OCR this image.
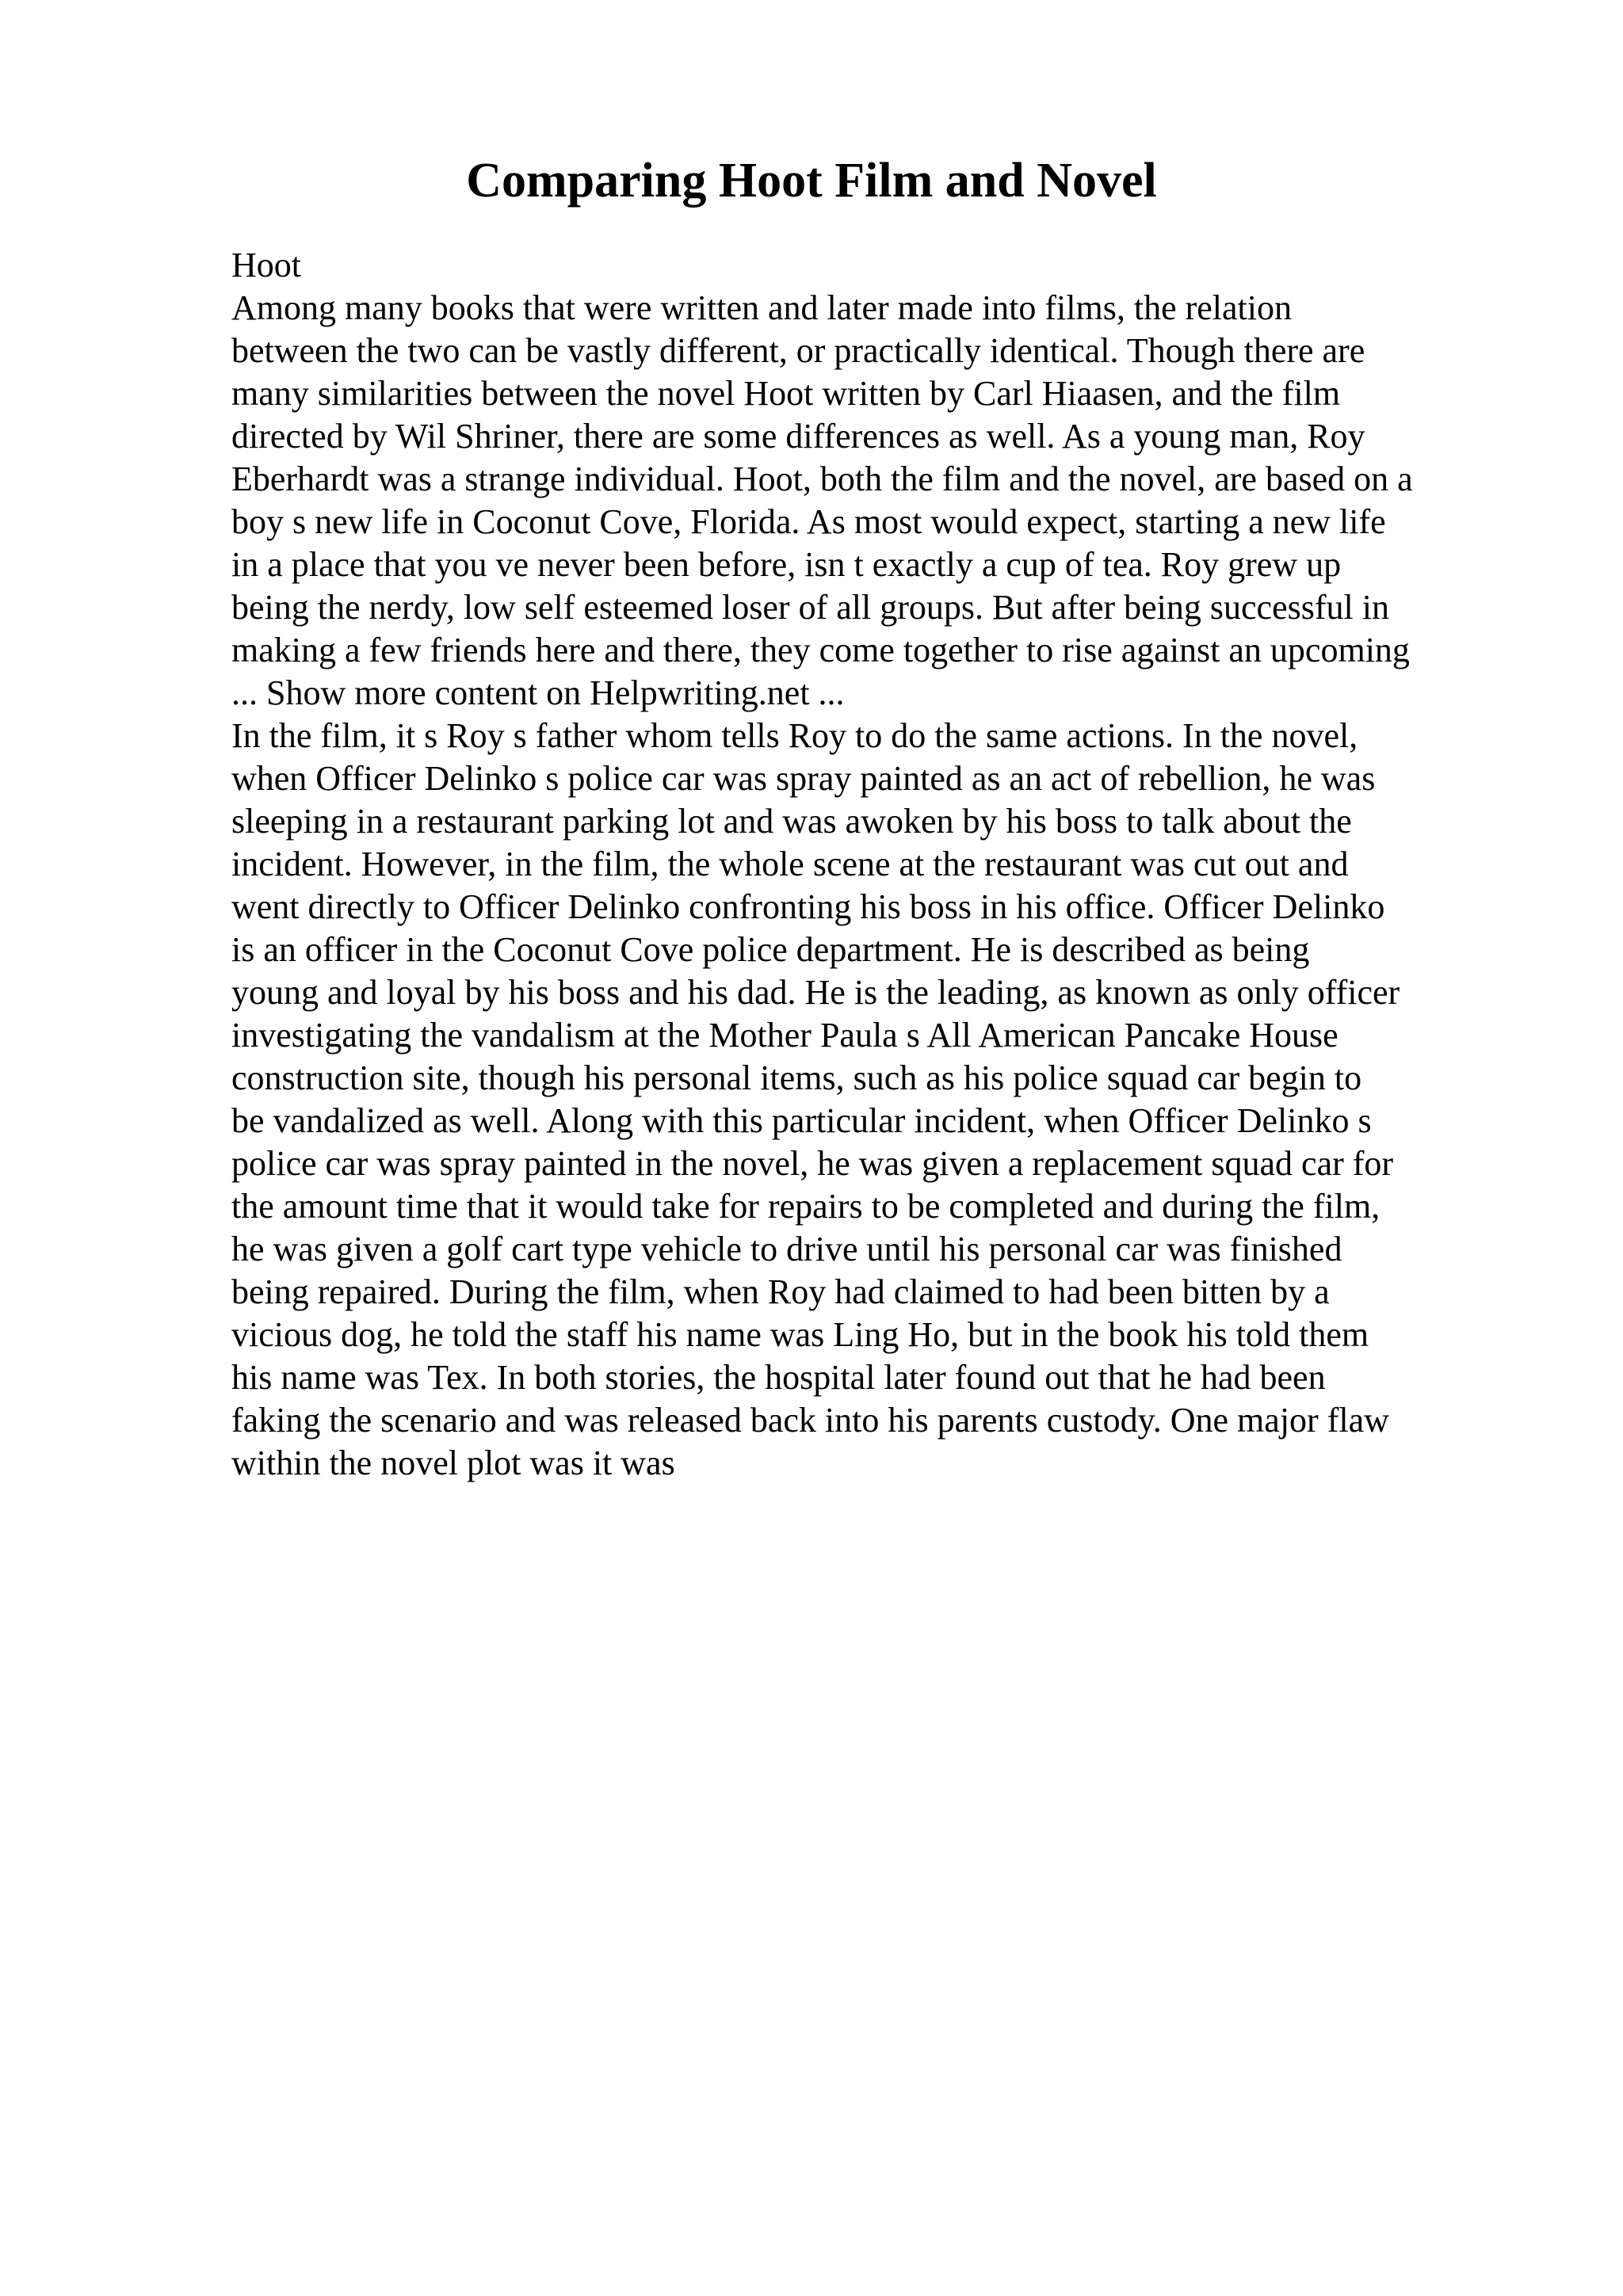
Comparing Hoot Film and Novel
Hoot
Among many books that were written and later made into films, the relation
between the two can be vastly different, or practically identical. Though there are
many similarities between the novel Hoot written by Carl Hiaasen, and the film
directed by Wil Shriner, there are some differences as well. As a young man, Roy
Eberhardt was a strange individual. Hoot, both the film and the novel, are based on a
boy s new life in Coconut Cove, Florida. As most would expect, starting a new life
in a place that you ve never been before, isn t exactly a cup of tea. Roy grew up
being the nerdy, low self esteemed loser of all groups. But after being successful in
making a few friends here and there, they come together to rise against an upcoming
... Show more content on Helpwriting.net ...
In the film, it s Roy s father whom tells Roy to do the same actions. In the novel,
when Officer Delinko s police car was spray painted as an act of rebellion, he was
sleeping in a restaurant parking lot and was awoken by his boss to talk about the
incident. However, in the film, the whole scene at the restaurant was cut out and
went directly to Officer Delinko confronting his boss in his office. Officer Delinko
is an officer in the Coconut Cove police department. He is described as being
young and loyal by his boss and his dad. He is the leading, as known as only officer
investigating the vandalism at the Mother Paula s All American Pancake House
construction site, though his personal items, such as his police squad car begin to
be vandalized as well. Along with this particular incident, when Officer Delinko s
police car was spray painted in the novel, he was given a replacement squad car for
the amount time that it would take for repairs to be completed and during the film,
he was given a golf cart type vehicle to drive until his personal car was finished
being repaired. During the film, when Roy had claimed to had been bitten by a
vicious dog, he told the staff his name was Ling Ho, but in the book his told them
his name was Tex. In both stories, the hospital later found out that he had been
faking the scenario and was released back into his parents custody. One major flaw
within the novel plot was it was
